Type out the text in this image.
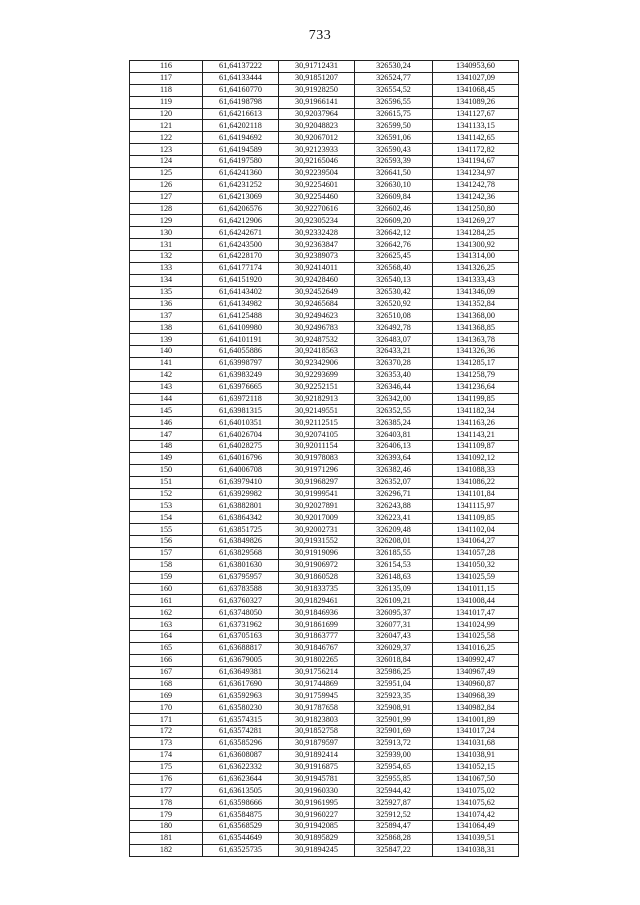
733
116	61,64137222	30,91712431	326530,24	1340953,60
117	61,64133444	30,91851207	326524,77	1341027,09
118	61,64160770	30,91928250	326554,52	1341068,45
119	61,64198798	30,91966141	326596,55	1341089,26
120	61,64216613	30,92037964	326615,75	1341127,67
121	61,64202118	30,92048823	326599,50	1341133,15
122	61,64194692	30,92067012	326591,06	1341142,65
123	61,64194589	30,92123933	326590,43	1341172,82
124	61,64197580	30,92165046	326593,39	1341194,67
125	61,64241360	30,92239504	326641,50	1341234,97
126	61,64231252	30,92254601	326630,10	1341242,78
127	61,64213069	30,92254460	326609,84	1341242,36
128	61,64206576	30,92270616	326602,46	1341250,80
129	61,64212906	30,92305234	326609,20	1341269,27
130	61,64242671	30,92332428	326642,12	1341284,25
131	61,64243500	30,92363847	326642,76	1341300,92
132	61,64228170	30,92389073	326625,45	1341314,00
133	61,64177174	30,92414011	326568,40	1341326,25
134	61,64151920	30,92428460	326540,13	1341333,43
135	61,64143402	30,92452649	326530,42	1341346,09
136	61,64134982	30,92465684	326520,92	1341352,84
137	61,64125488	30,92494623	326510,08	1341368,00
138	61,64109980	30,92496783	326492,78	1341368,85
139	61,64101191	30,92487532	326483,07	1341363,78
140	61,64055886	30,92418563	326433,21	1341326,36
141	61,63998797	30,92342906	326370,28	1341285,17
142	61,63983249	30,92293699	326353,40	1341258,79
143	61,63976665	30,92252151	326346,44	1341236,64
144	61,63972118	30,92182913	326342,00	1341199,85
145	61,63981315	30,92149551	326352,55	1341182,34
146	61,64010351	30,92112515	326385,24	1341163,26
147	61,64026704	30,92074105	326403,81	1341143,21
148	61,64028275	30,92011154	326406,13	1341109,87
149	61,64016796	30,91978083	326393,64	1341092,12
150	61,64006708	30,91971296	326382,46	1341088,33
151	61,63979410	30,91968297	326352,07	1341086,22
152	61,63929982	30,91999541	326296,71	1341101,84
153	61,63882801	30,92027891	326243,88	1341115,97
154	61,63864342	30,92017009	326223,41	1341109,85
155	61,63851725	30,92002731	326209,48	1341102,04
156	61,63849826	30,91931552	326208,01	1341064,27
157	61,63829568	30,91919096	326185,55	1341057,28
158	61,63801630	30,91906972	326154,53	1341050,32
159	61,63795957	30,91860528	326148,63	1341025,59
160	61,63783588	30,91833735	326135,09	1341011,15
161	61,63760327	30,91829461	326109,21	1341008,44
162	61,63748050	30,91846936	326095,37	1341017,47
163	61,63731962	30,91861699	326077,31	1341024,99
164	61,63705163	30,91863777	326047,43	1341025,58
165	61,63688817	30,91846767	326029,37	1341016,25
166	61,63679005	30,91802265	326018,84	1340992,47
167	61,63649381	30,91756214	325986,25	1340967,49
168	61,63617690	30,91744869	325951,04	1340960,87
169	61,63592963	30,91759945	325923,35	1340968,39
170	61,63580230	30,91787658	325908,91	1340982,84
171	61,63574315	30,91823803	325901,99	1341001,89
172	61,63574281	30,91852758	325901,69	1341017,24
173	61,63585296	30,91879597	325913,72	1341031,68
174	61,63608087	30,91892414	325939,00	1341038,91
175	61,63622332	30,91916875	325954,65	1341052,15
176	61,63623644	30,91945781	325955,85	1341067,50
177	61,63613505	30,91960330	325944,42	1341075,02
178	61,63598666	30,91961995	325927,87	1341075,62
179	61,63584875	30,91960227	325912,52	1341074,42
180	61,63568529	30,91942085	325894,47	1341064,49
181	61,63544649	30,91895829	325868,28	1341039,51
182	61,63525735	30,91894245	325847,22	1341038,31
